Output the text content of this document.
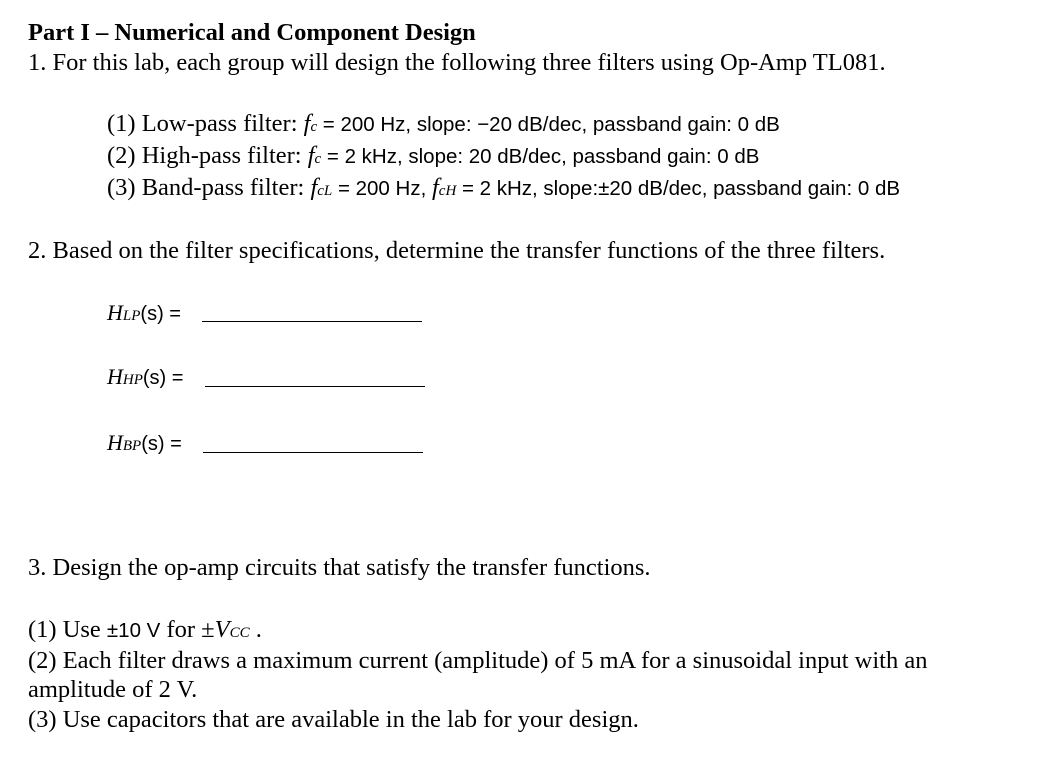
Part I – Numerical and Component Design
1. For this lab, each group will design the following three filters using Op-Amp TL081.
(1) Low-pass filter: fc = 200 Hz, slope: −20 dB/dec, passband gain: 0 dB
(2) High-pass filter: fc = 2 kHz, slope: 20 dB/dec, passband gain: 0 dB
(3) Band-pass filter: fcL = 200 Hz, fcH = 2 kHz, slope:±20 dB/dec, passband gain: 0 dB
2. Based on the filter specifications, determine the transfer functions of the three filters.
HLP(s) =
HHP(s) =
HBP(s) =
3. Design the op-amp circuits that satisfy the transfer functions.
(1) Use ±10 V for ±VCC .
(2) Each filter draws a maximum current (amplitude) of 5 mA for a sinusoidal input with an
amplitude of 2 V.
(3) Use capacitors that are available in the lab for your design.
